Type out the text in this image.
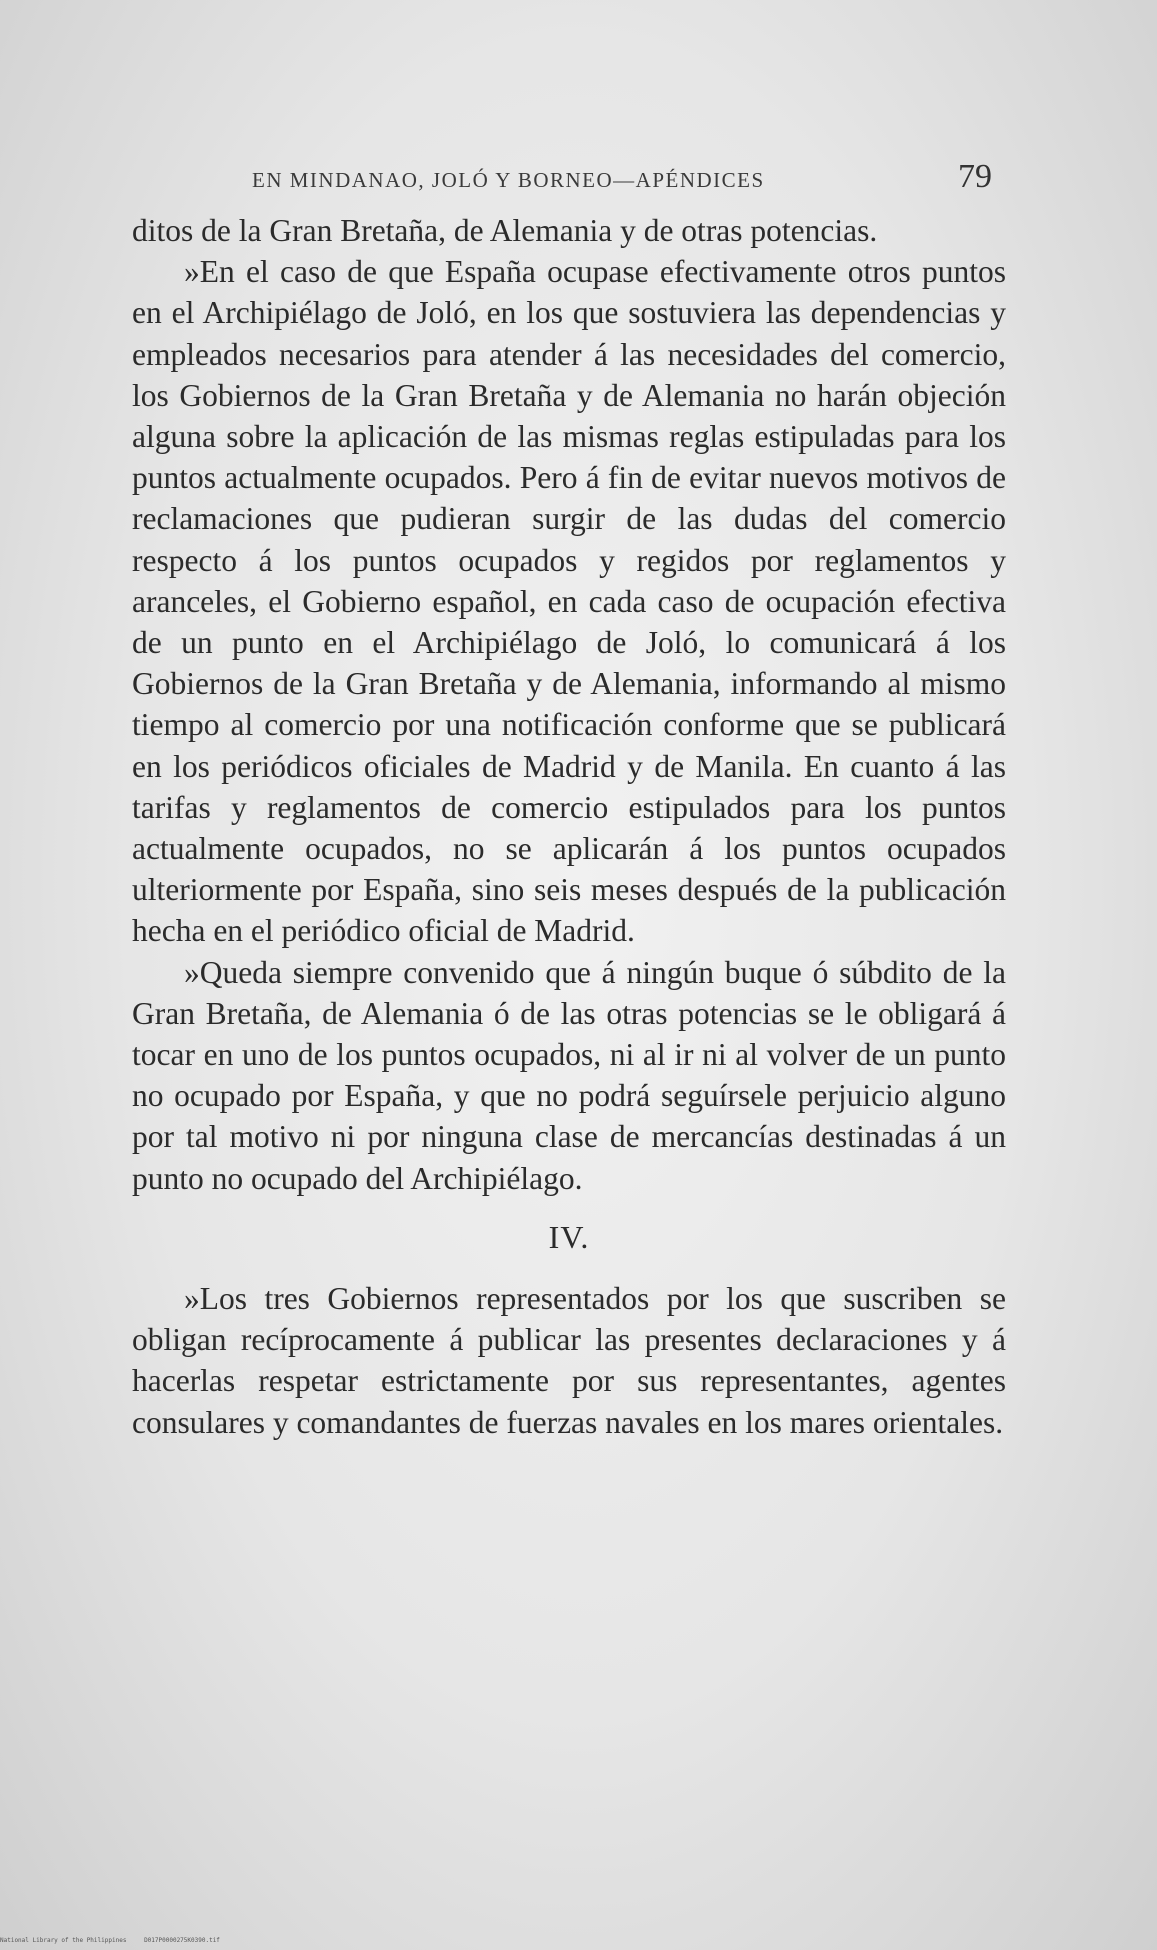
EN MINDANAO, JOLÓ Y BORNEO—APÉNDICES	79

ditos de la Gran Bretaña, de Alemania y de otras potencias.

»En el caso de que España ocupase efectivamente otros puntos en el Archipiélago de Joló, en los que sostuviera las dependencias y empleados necesarios para atender á las necesidades del comercio, los Gobiernos de la Gran Bretaña y de Alemania no harán objeción alguna sobre la aplicación de las mismas reglas estipuladas para los puntos actualmente ocupados. Pero á fin de evitar nuevos motivos de reclamaciones que pudieran surgir de las dudas del comercio respecto á los puntos ocupados y regidos por reglamentos y aranceles, el Gobierno español, en cada caso de ocupación efectiva de un punto en el Archipiélago de Joló, lo comunicará á los Gobiernos de la Gran Bretaña y de Alemania, informando al mismo tiempo al comercio por una notificación conforme que se publicará en los periódicos oficiales de Madrid y de Manila. En cuanto á las tarifas y reglamentos de comercio estipulados para los puntos actualmente ocupados, no se aplicarán á los puntos ocupados ulteriormente por España, sino seis meses después de la publicación hecha en el periódico oficial de Madrid.

»Queda siempre convenido que á ningún buque ó súbdito de la Gran Bretaña, de Alemania ó de las otras potencias se le obligará á tocar en uno de los puntos ocupados, ni al ir ni al volver de un punto no ocupado por España, y que no podrá seguírsele perjuicio alguno por tal motivo ni por ninguna clase de mercancías destinadas á un punto no ocupado del Archipiélago.

IV.

»Los tres Gobiernos representados por los que suscriben se obligan recíprocamente á publicar las presentes declaraciones y á hacerlas respetar estrictamente por sus representantes, agentes consulares y comandantes de fuerzas navales en los mares orientales.

National Library of the Philippines	D017P0000275K0390.tif
